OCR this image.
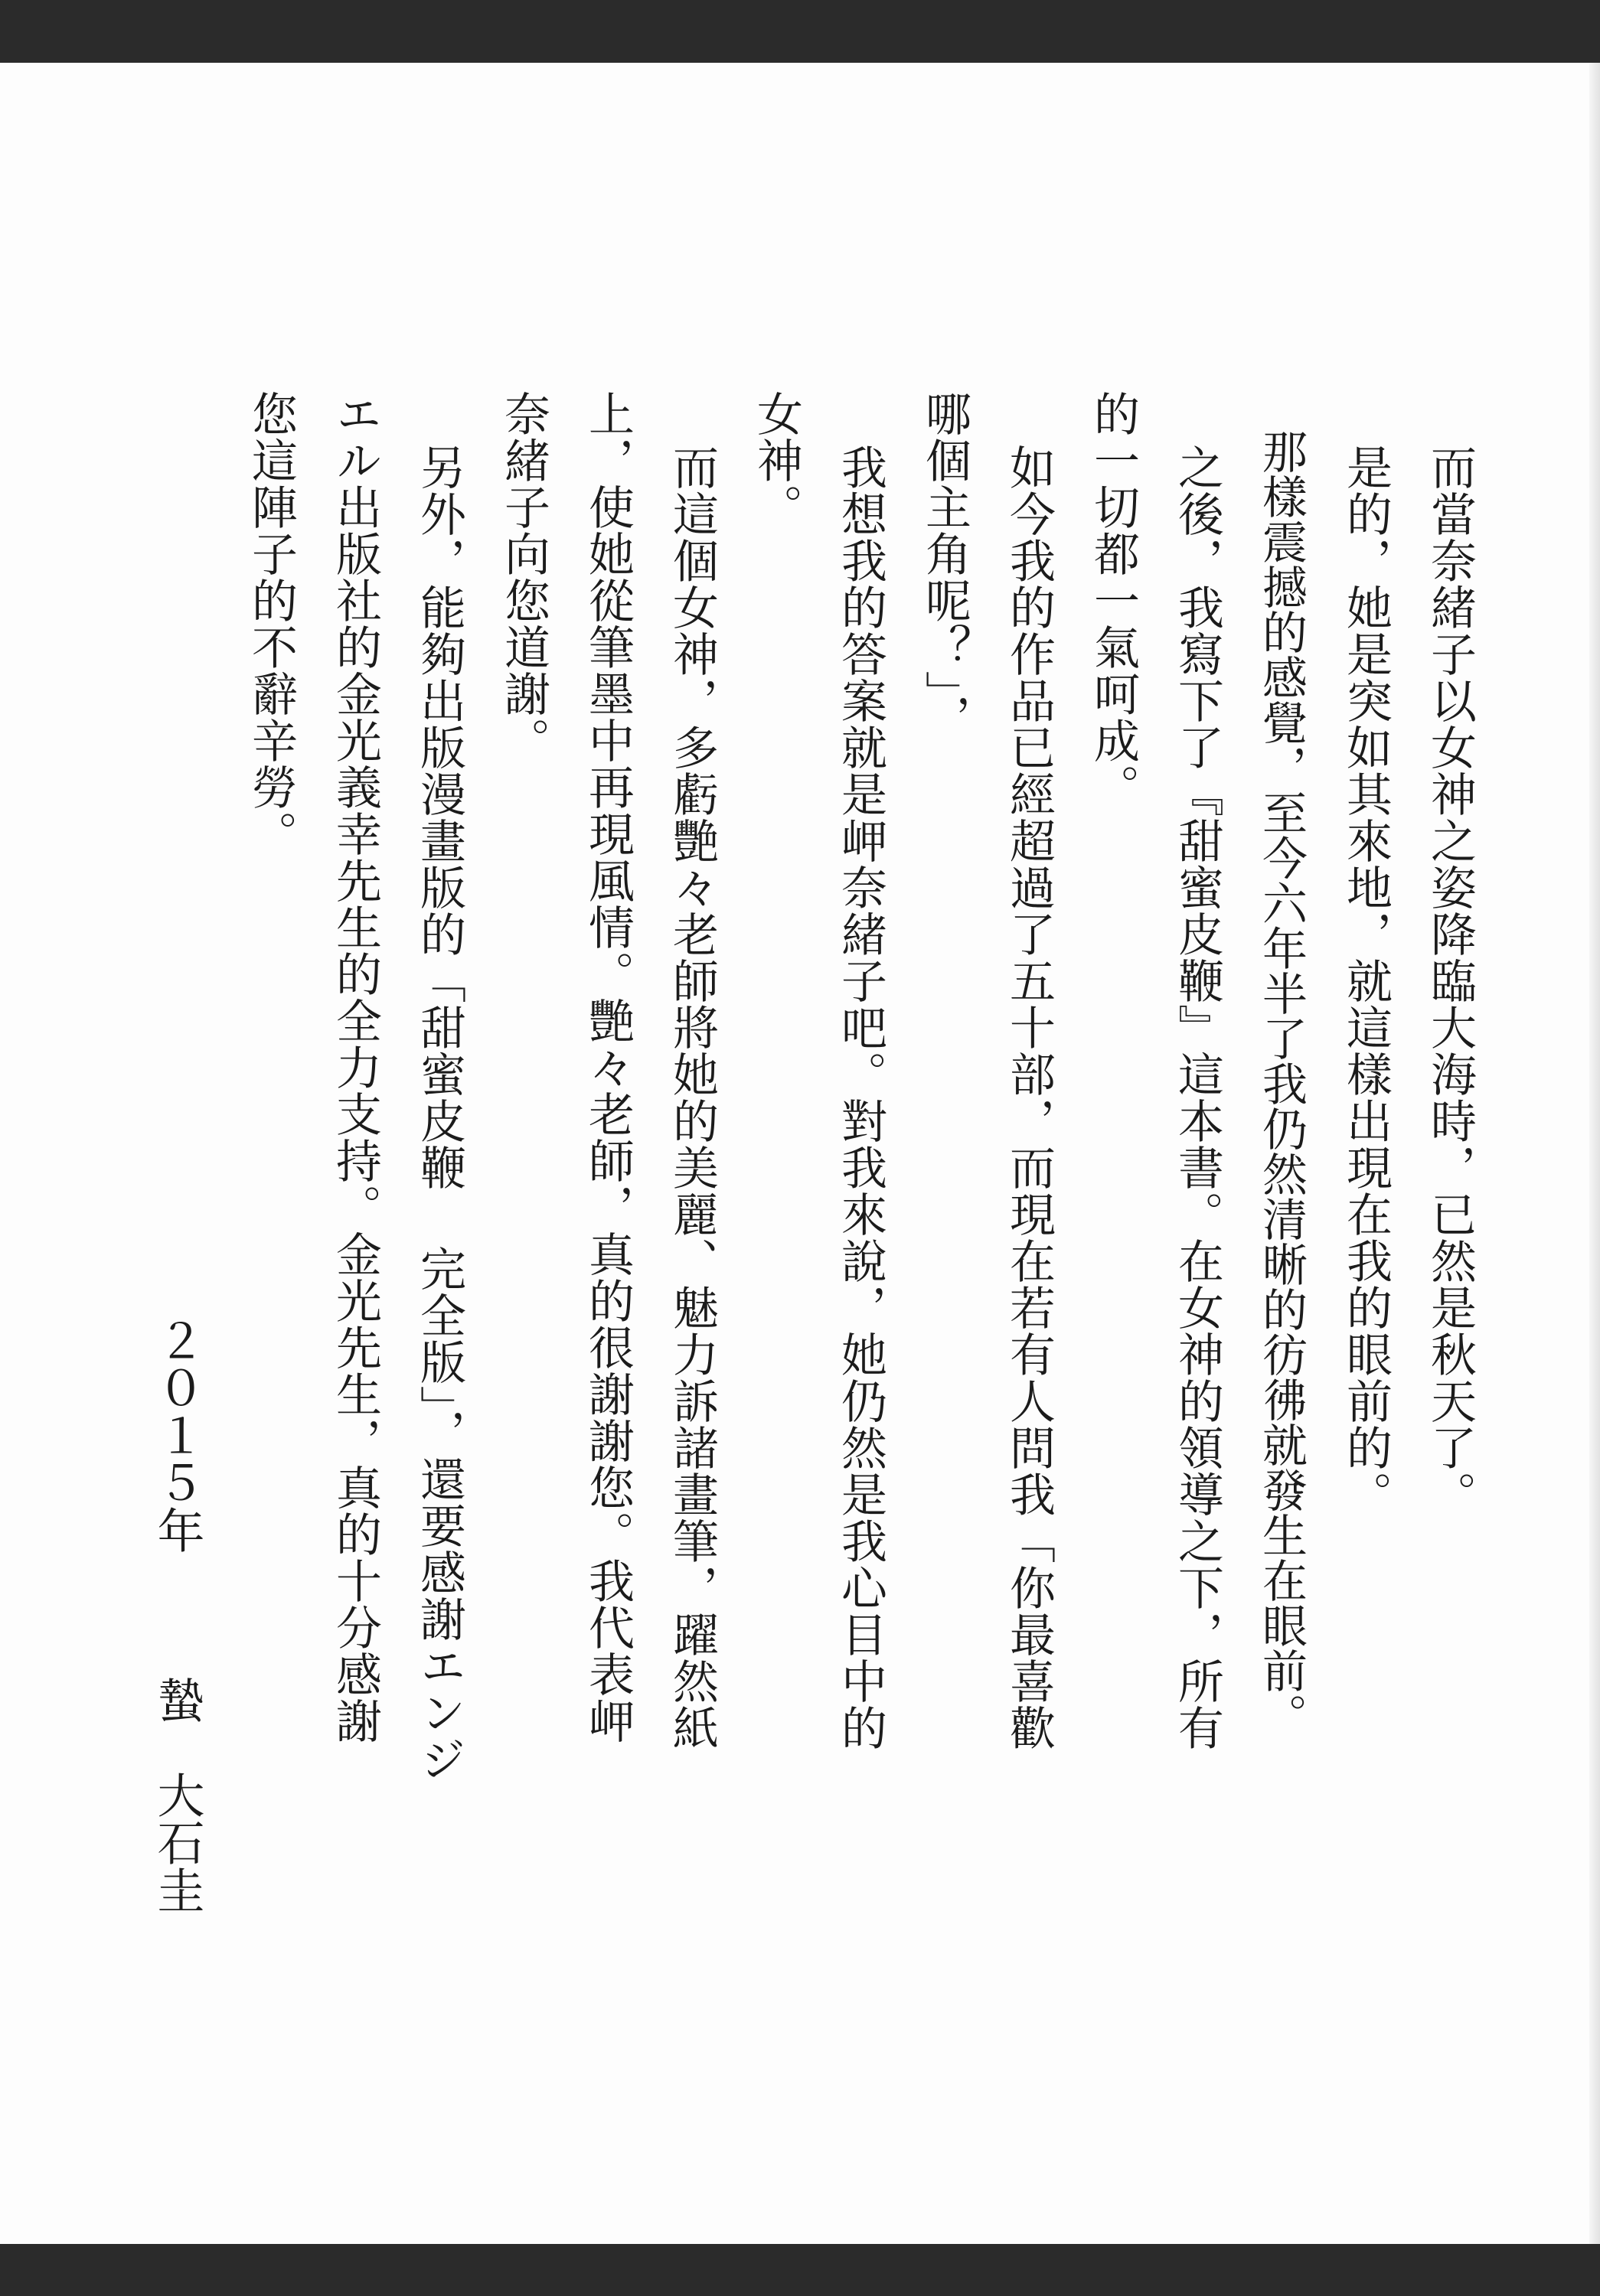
而當奈緒子以女神之姿降臨大海時，已然是秋天了。

是的，她是突如其來地，就這樣出現在我的眼前的。

那樣震撼的感覺，至今六年半了我仍然清晰的彷彿就發生在眼前。

之後，我寫下了『甜蜜皮鞭』這本書。在女神的領導之下，所有

的一切都一氣呵成。

如今我的作品已經超過了五十部，而現在若有人問我「你最喜歡

哪個主角呢？」，

我想我的答案就是岬奈緒子吧。對我來說，她仍然是我心目中的

女神。

而這個女神，多虧艷々老師將她的美麗、魅力訴諸畫筆，躍然紙

上，使她從筆墨中再現風情。艷々老師，真的很謝謝您。我代表岬

奈緒子向您道謝。

另外，能夠出版漫畫版的「甜蜜皮鞭 完全版」，還要感謝エンジ

エル出版社的金光義幸先生的全力支持。金光先生，真的十分感謝

您這陣子的不辭辛勞。

２０１５年
蟄　大石圭
